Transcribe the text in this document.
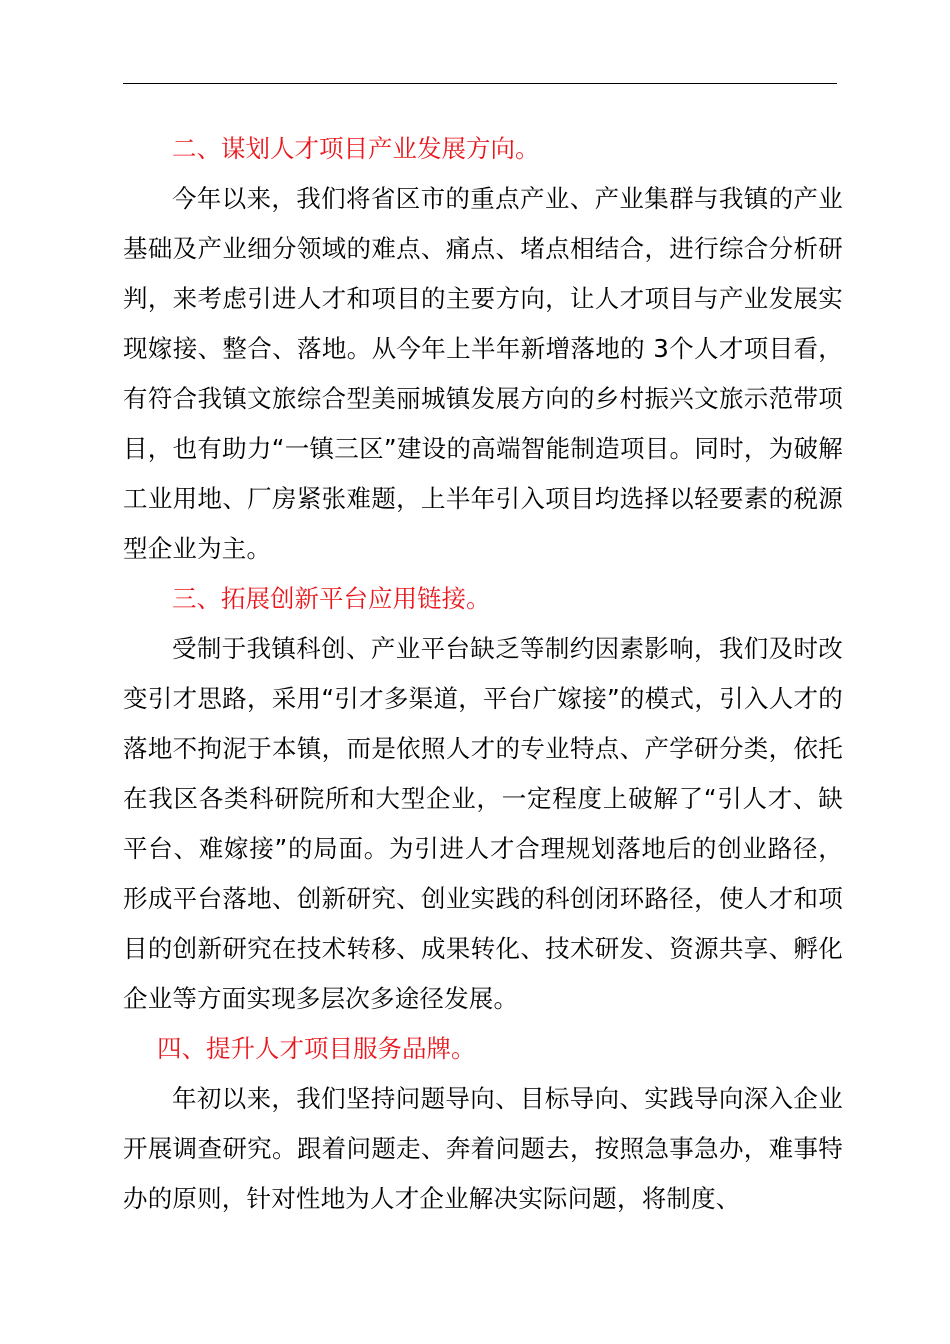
二、谋划人才项目产业发展方向。

今年以来，我们将省区市的重点产业、产业集群与我镇的产业基础及产业细分领域的难点、痛点、堵点相结合，进行综合分析研判，来考虑引进人才和项目的主要方向，让人才项目与产业发展实现嫁接、整合、落地。从今年上半年新增落地的 3个人才项目看，有符合我镇文旅综合型美丽城镇发展方向的乡村振兴文旅示范带项目，也有助力“一镇三区”建设的高端智能制造项目。同时，为破解工业用地、厂房紧张难题，上半年引入项目均选择以轻要素的税源型企业为主。

三、拓展创新平台应用链接。

受制于我镇科创、产业平台缺乏等制约因素影响，我们及时改变引才思路，采用“引才多渠道，平台广嫁接”的模式，引入人才的落地不拘泥于本镇，而是依照人才的专业特点、产学研分类，依托在我区各类科研院所和大型企业，一定程度上破解了“引人才、缺平台、难嫁接”的局面。为引进人才合理规划落地后的创业路径，形成平台落地、创新研究、创业实践的科创闭环路径，使人才和项目的创新研究在技术转移、成果转化、技术研发、资源共享、孵化企业等方面实现多层次多途径发展。

四、提升人才项目服务品牌。

年初以来，我们坚持问题导向、目标导向、实践导向深入企业开展调查研究。跟着问题走、奔着问题去，按照急事急办，难事特办的原则，针对性地为人才企业解决实际问题，将制度、
